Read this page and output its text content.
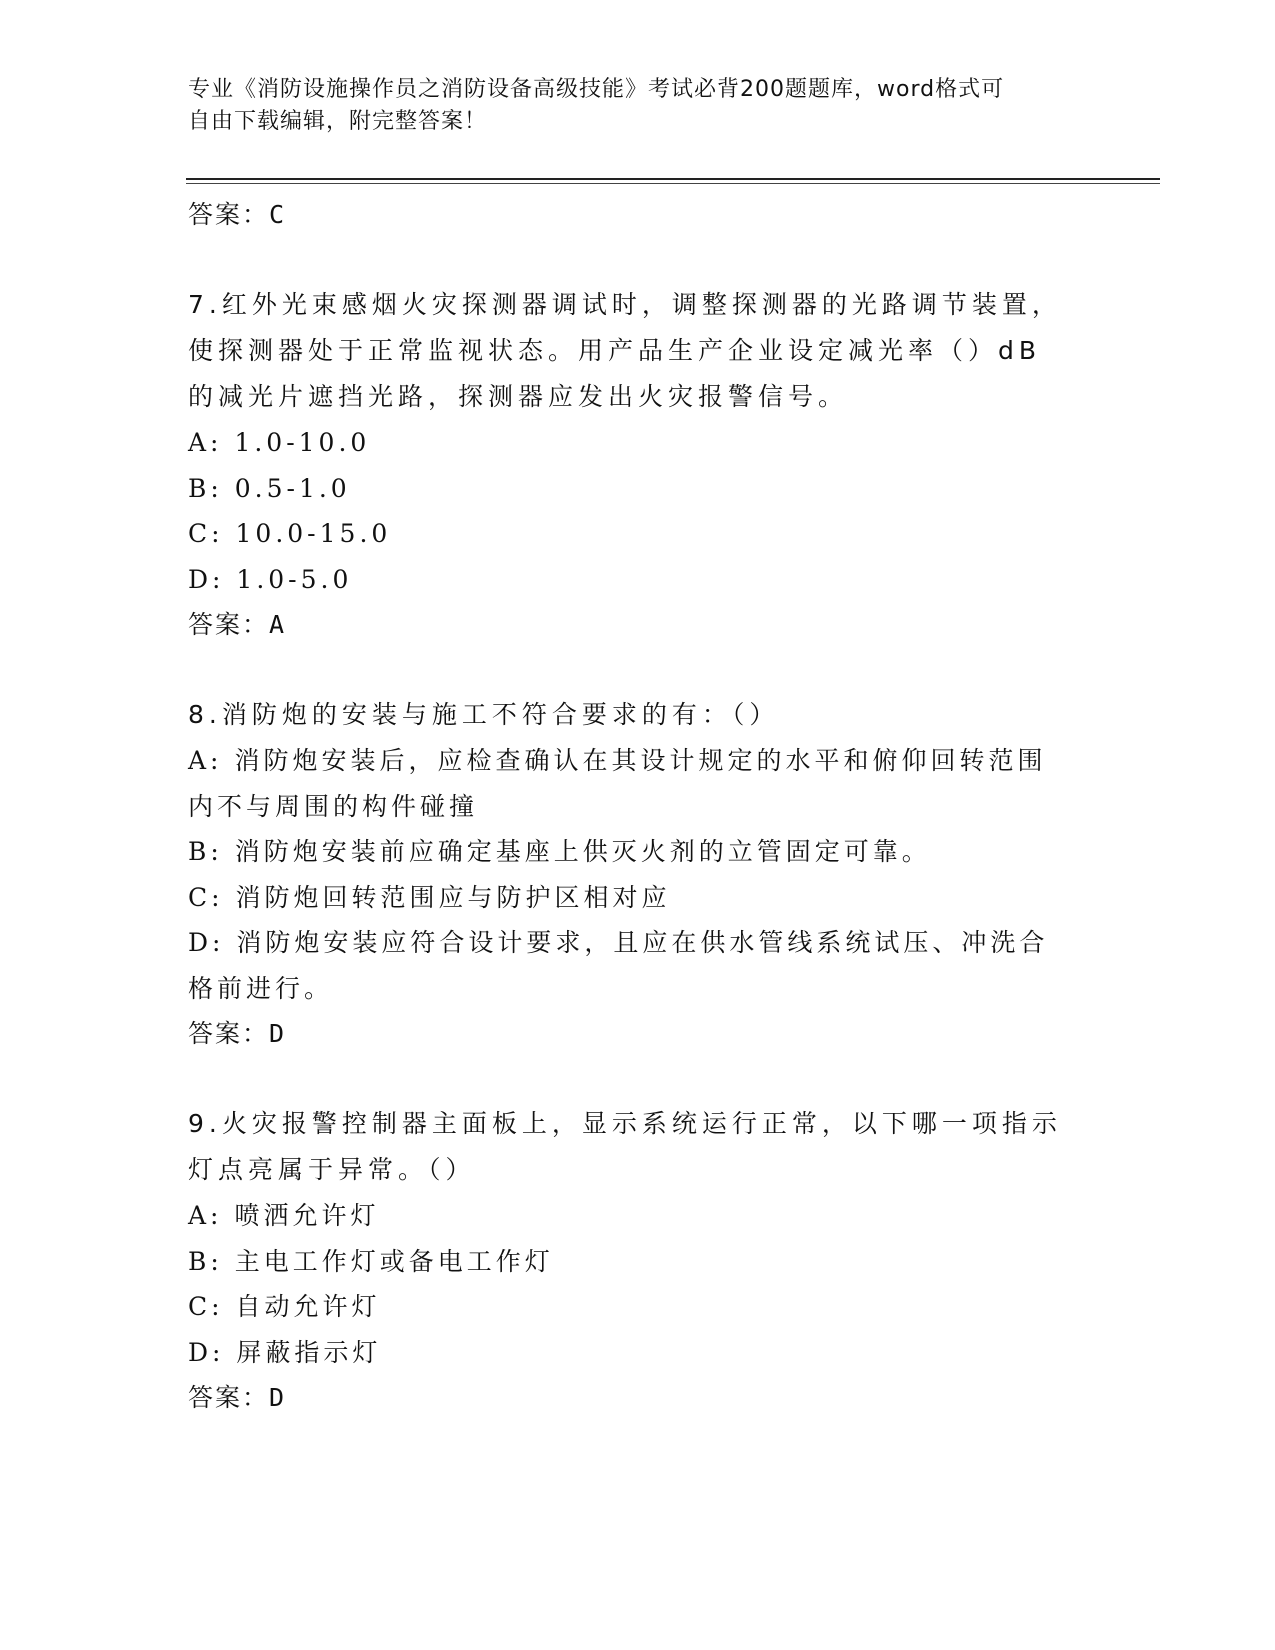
专业《消防设施操作员之消防设备高级技能》考试必背200题题库，word格式可
自由下载编辑，附完整答案！
答案：C
7.红外光束感烟火灾探测器调试时，调整探测器的光路调节装置，使探测器处于正常监视状态。用产品生产企业设定减光率（）dB的减光片遮挡光路，探测器应发出火灾报警信号。
A: 1.0-10.0
B: 0.5-1.0
C: 10.0-15.0
D: 1.0-5.0
答案：A
8.消防炮的安装与施工不符合要求的有：（）
A: 消防炮安装后，应检查确认在其设计规定的水平和俯仰回转范围内不与周围的构件碰撞
B: 消防炮安装前应确定基座上供灭火剂的立管固定可靠。
C: 消防炮回转范围应与防护区相对应
D: 消防炮安装应符合设计要求，且应在供水管线系统试压、冲洗合格前进行。
答案：D
9.火灾报警控制器主面板上，显示系统运行正常，以下哪一项指示灯点亮属于异常。（）
A: 喷洒允许灯
B: 主电工作灯或备电工作灯
C: 自动允许灯
D: 屏蔽指示灯
答案：D
